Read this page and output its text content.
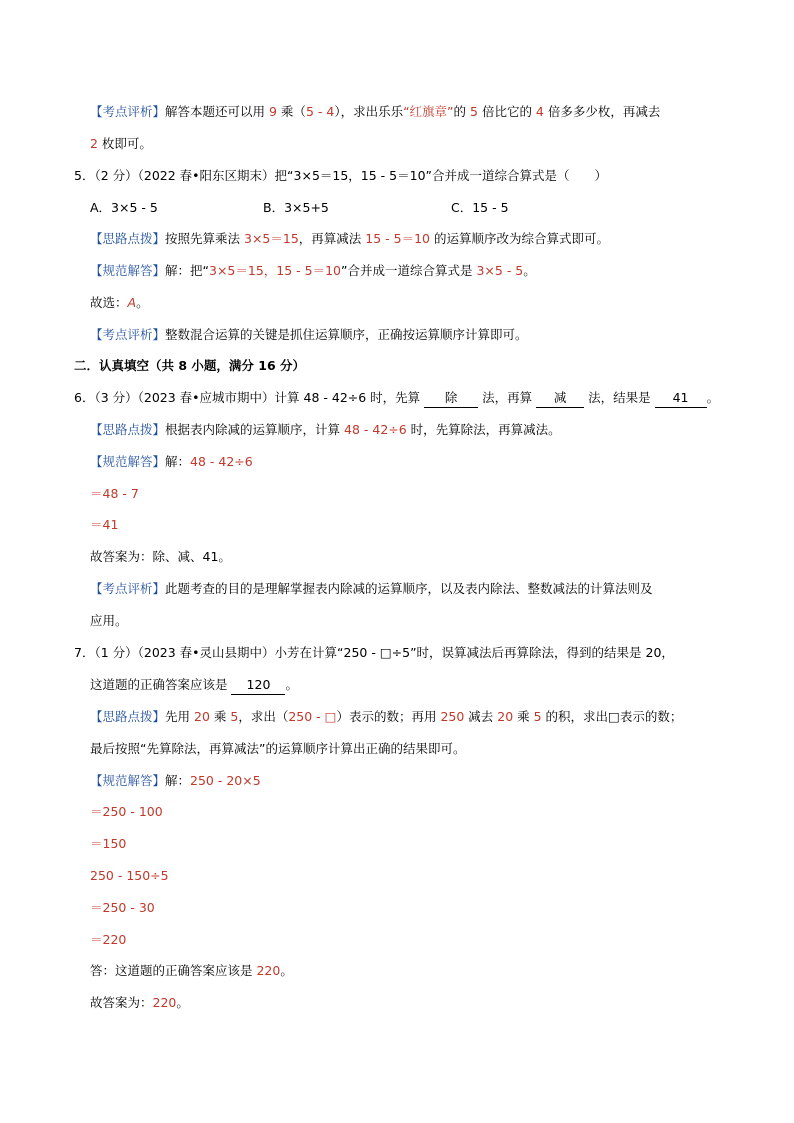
【考点评析】解答本题还可以用 9 乘（5 - 4），求出乐乐“红旗章”的 5 倍比它的 4 倍多多少枚，再减去
2 枚即可。
5．（2 分）（2022 春•阳东区期末）把“3×5＝15，15 - 5＝10”合并成一道综合算式是（　　）
A．3×5 - 5	B．3×5+5	C．15 - 5
【思路点拨】按照先算乘法 3×5＝15，再算减法 15 - 5＝10 的运算顺序改为综合算式即可。
【规范解答】解：把“3×5＝15，15 - 5＝10”合并成一道综合算式是 3×5 - 5。
故选：A。
【考点评析】整数混合运算的关键是抓住运算顺序，正确按运算顺序计算即可。
二．认真填空（共 8 小题，满分 16 分）
6．（3 分）（2023 春•应城市期中）计算 48 - 42÷6 时，先算 除 法，再算 减 法，结果是 41 。
【思路点拨】根据表内除减的运算顺序，计算 48 - 42÷6 时，先算除法，再算减法。
【规范解答】解：48 - 42÷6
＝48 - 7
＝41
故答案为：除、减、41。
【考点评析】此题考查的目的是理解掌握表内除减的运算顺序，以及表内除法、整数减法的计算法则及
应用。
7．（1 分）（2023 春•灵山县期中）小芳在计算“250 - □÷5”时，误算减法后再算除法，得到的结果是 20，
这道题的正确答案应该是 120 。
【思路点拨】先用 20 乘 5，求出（250 - □）表示的数；再用 250 减去 20 乘 5 的积，求出□表示的数；
最后按照“先算除法，再算减法”的运算顺序计算出正确的结果即可。
【规范解答】解：250 - 20×5
＝250 - 100
＝150
250 - 150÷5
＝250 - 30
＝220
答：这道题的正确答案应该是 220。
故答案为：220。
